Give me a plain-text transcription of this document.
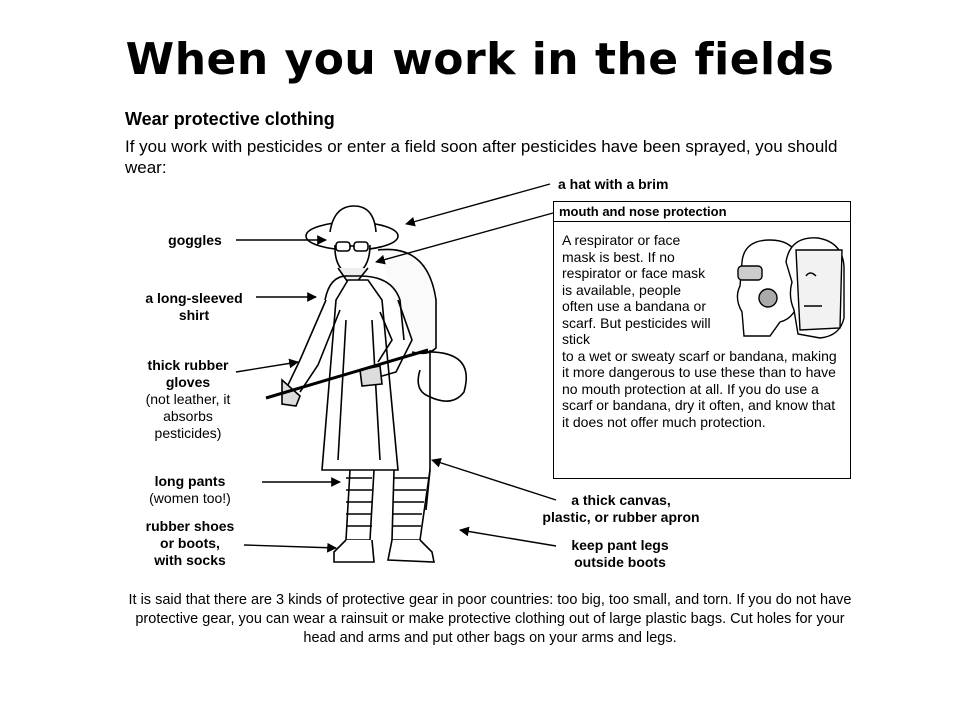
When you work in the fields
Wear protective clothing
If you work with pesticides or enter a field soon after pesticides have been sprayed, you should wear:
goggles
a long-sleeved
shirt
thick rubber
gloves
(not leather, it absorbs pesticides)
long pants
(women too!)
rubber shoes
or boots,
with socks
a hat with a brim
a thick canvas,
plastic, or rubber apron
keep pant legs
outside boots
mouth and nose protection
A respirator or face mask is best. If no respirator or face mask is available, people often use a bandana or scarf. But pesticides will stick
to a wet or sweaty scarf or bandana, making it more dangerous to use these than to have no mouth protection at all. If you do use a scarf or bandana, dry it often, and know that it does not offer much protection.
It is said that there are 3 kinds of protective gear in poor countries: too big, too small, and torn. If you do not have protective gear, you can wear a rainsuit or make protective clothing out of large plastic bags. Cut holes for your head and arms and put other bags on your arms and legs.
